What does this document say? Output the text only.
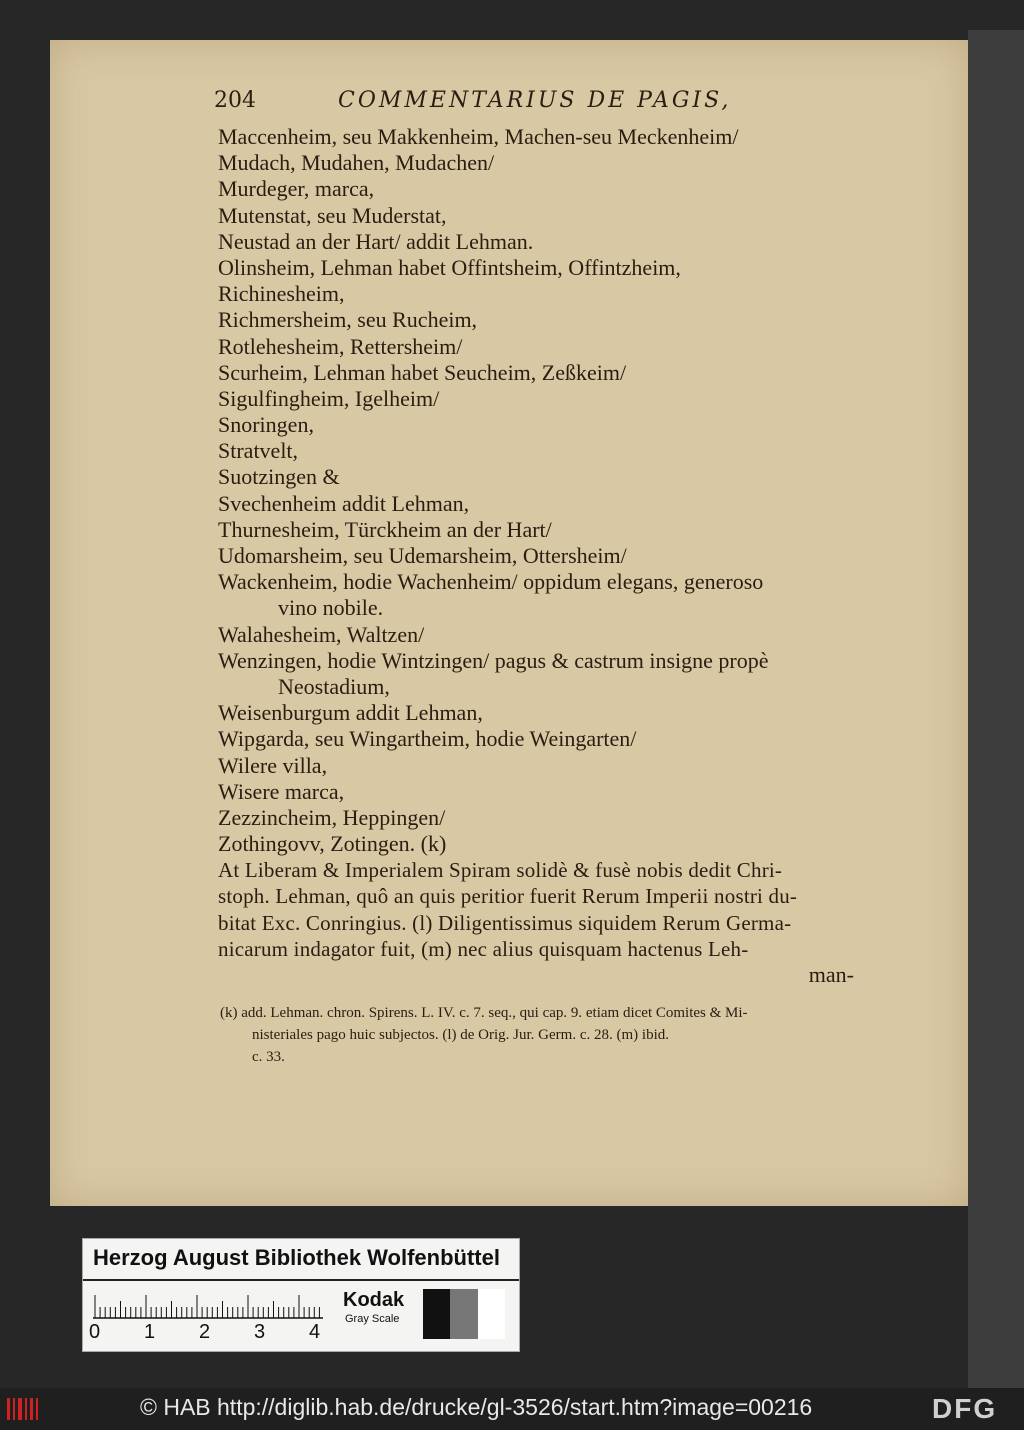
204	COMMENTARIUS DE PAGIS,
Maccenheim, seu Makkenheim, Machen-seu Meckenheim/
Mudach, Mudahen, Mudachen/
Murdeger, marca,
Mutenstat, seu Muderstat,
Neustad an der Hart/ addit Lehman.
Olinsheim, Lehman habet Offintsheim, Offintzheim,
Richinesheim,
Richmersheim, seu Rucheim,
Rotlehesheim, Rettersheim/
Scurheim, Lehman habet Seucheim, Zeßkeim/
Sigulfingheim, Igelheim/
Snoringen,
Stratvelt,
Suotzingen &
Svechenheim addit Lehman,
Thurnesheim, Türckheim an der Hart/
Udomarsheim, seu Udemarsheim, Ottersheim/
Wackenheim, hodie Wachenheim/ oppidum elegans, generoso
vino nobile.
Walahesheim, Waltzen/
Wenzingen, hodie Wintzingen/ pagus & castrum insigne propè
Neostadium,
Weisenburgum addit Lehman,
Wipgarda, seu Wingartheim, hodie Weingarten/
Wilere villa,
Wisere marca,
Zezzincheim, Heppingen/
Zothingovv, Zotingen. (k)
At Liberam & Imperialem Spiram solidè & fusè nobis dedit Chri-
stoph. Lehman, quô an quis peritior fuerit Rerum Imperii nostri du-
bitat Exc. Conringius. (l) Diligentissimus siquidem Rerum Germa-
nicarum indagator fuit, (m) nec alius quisquam hactenus Leh-
man-
(k) add. Lehman. chron. Spirens. L. IV. c. 7. seq., qui cap. 9. etiam dicet Comites & Mi-
nisteriales pago huic subjectos. (l) de Orig. Jur. Germ. c. 28. (m) ibid.
c. 33.
Herzog August Bibliothek Wolfenbüttel
0 1 2 3 4
Kodak
Gray Scale
© HAB http://diglib.hab.de/drucke/gl-3526/start.htm?image=00216	DFG
